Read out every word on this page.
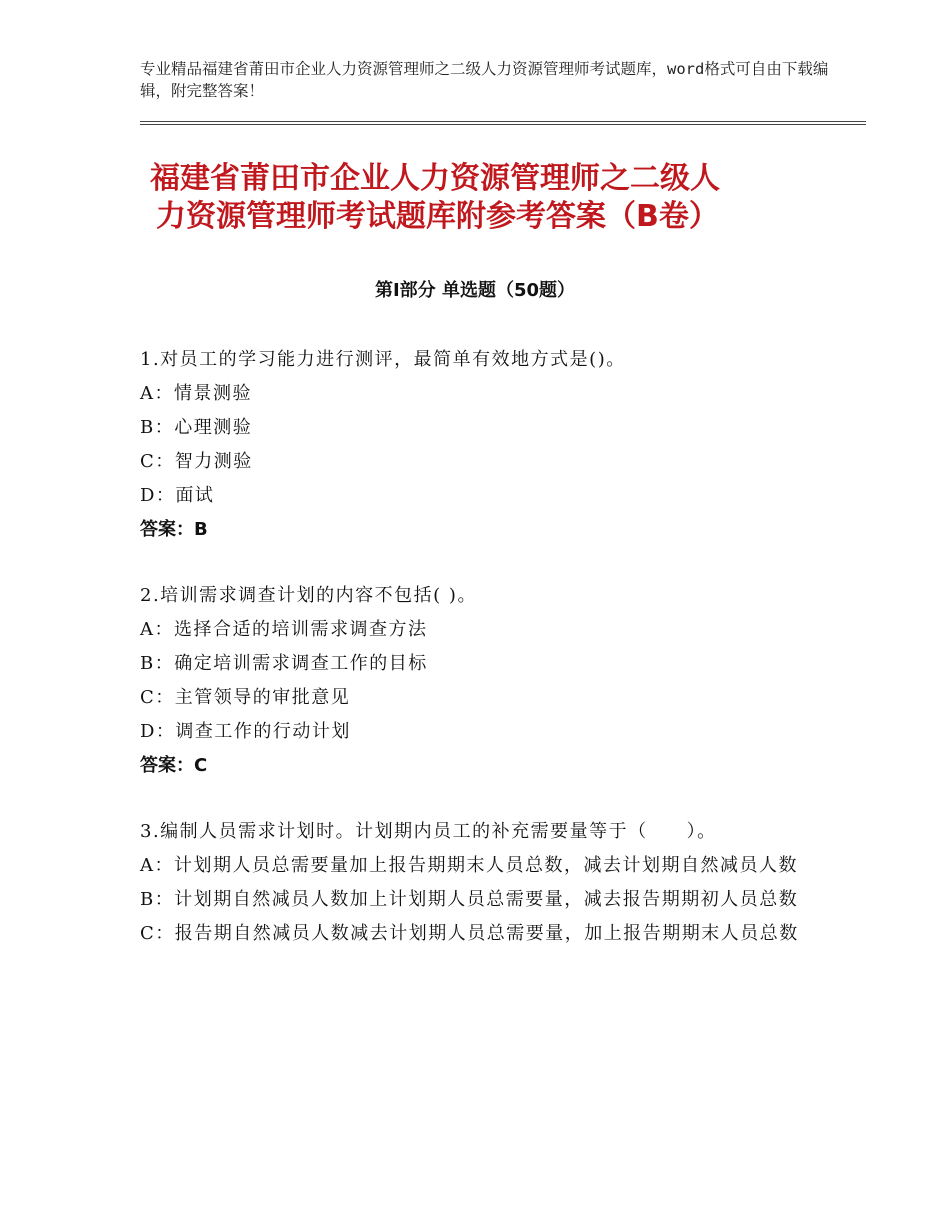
专业精品福建省莆田市企业人力资源管理师之二级人力资源管理师考试题库，word格式可自由下载编辑，附完整答案！
福建省莆田市企业人力资源管理师之二级人
力资源管理师考试题库附参考答案（B卷）
第Ⅰ部分 单选题（50题）
1.对员工的学习能力进行测评，最简单有效地方式是()。
A：情景测验
B：心理测验
C：智力测验
D：面试
答案：B
2.培训需求调查计划的内容不包括( )。
A：选择合适的培训需求调查方法
B：确定培训需求调查工作的目标
C：主管领导的审批意见
D：调查工作的行动计划
答案：C
3.编制人员需求计划时。计划期内员工的补充需要量等于（　　）。
A：计划期人员总需要量加上报告期期末人员总数，减去计划期自然减员人数
B：计划期自然减员人数加上计划期人员总需要量，减去报告期期初人员总数
C：报告期自然减员人数减去计划期人员总需要量，加上报告期期末人员总数
